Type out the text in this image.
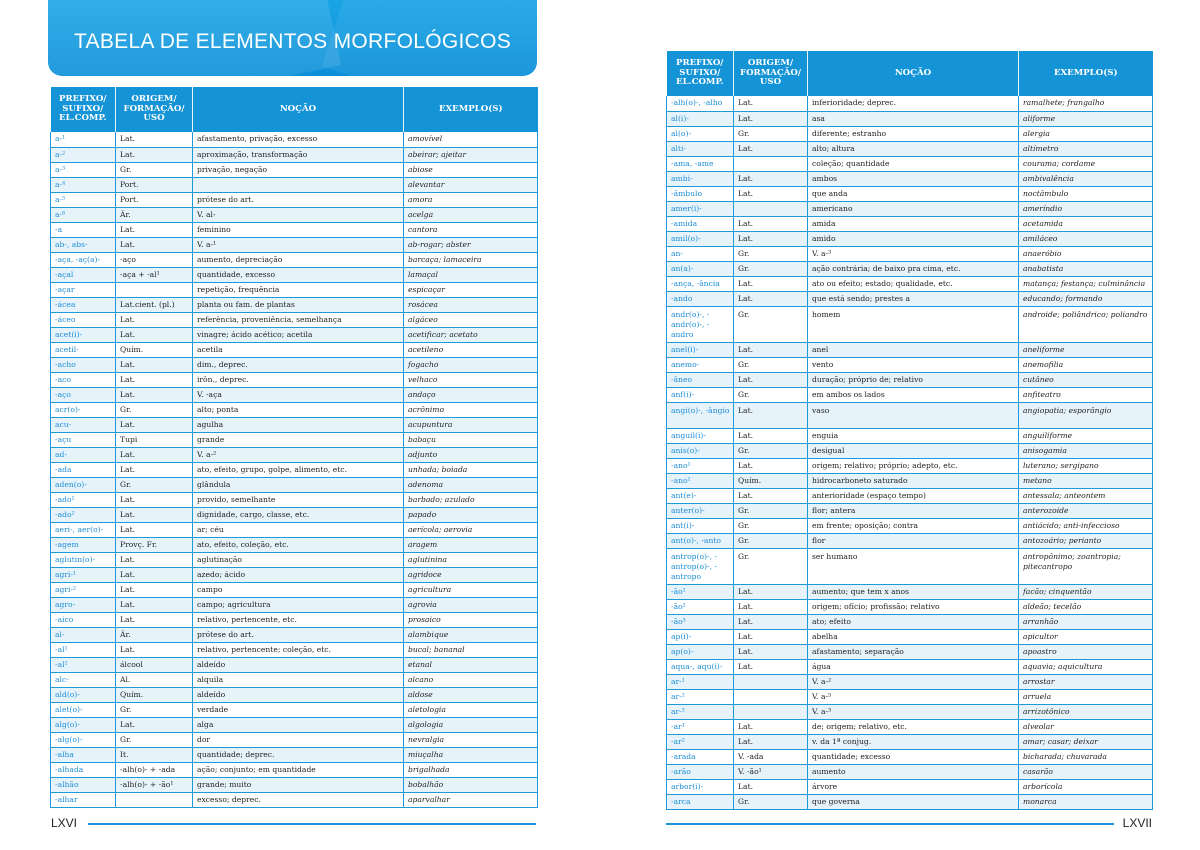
TABELA DE ELEMENTOS MORFOLÓGICOS
PREFIXO/ SUFIXO/ EL.COMP.	ORIGEM/ FORMAÇÃO/ USO	NOÇÃO	EXEMPLO(S)
a-¹	Lat.	afastamento, privação, excesso	amovível
a-²	Lat.	aproximação, transformação	abeirar; ajeitar
a-³	Gr.	privação, negação	abiose
a-⁴	Port.		alevantar
a-⁵	Port.	prótese do art.	amora
a-⁶	Ár.	V. al-	acelga
-a	Lat.	feminino	cantora
ab-, abs-	Lat.	V. a-¹	ab-rogar; abster
-aça, -aç(a)-	-aço	aumento, depreciação	barcaça; lamaceira
-açal	-aça + -al¹	quantidade, excesso	lamaçal
-açar		repetição, frequência	espicaçar
-ácea	Lat.cient. (pl.)	planta ou fam. de plantas	rosácea
-áceo	Lat.	referência, proveniência, semelhança	algáceo
acet(i)-	Lat.	vinagre; ácido acético; acetila	acetificar; acetato
acetil-	Quím.	acetila	acetileno
-acho	Lat.	dim., deprec.	fogacho
-aco	Lat.	irôn., deprec.	velhaco
-aço	Lat.	V. -aça	andaço
acr(o)-	Gr.	alto; ponta	acrônimo
acu-	Lat.	agulha	acupuntura
-açu	Tupi	grande	babaçu
ad-	Lat.	V. a-²	adjunto
-ada	Lat.	ato, efeito, grupo, golpe, alimento, etc.	unhada; boiada
aden(o)-	Gr.	glândula	adenoma
-ado¹	Lat.	provido, semelhante	barbado; azulado
-ado²	Lat.	dignidade, cargo, classe, etc.	papado
aeri-, aer(o)-	Lat.	ar; céu	aerícola; aerovia
-agem	Provç. Fr.	ato, efeito, coleção, etc.	aragem
aglutin(o)-	Lat.	aglutinação	aglutinina
agri-¹	Lat.	azedo; ácido	agridoce
agri-²	Lat.	campo	agricultura
agro-	Lat.	campo; agricultura	agrovia
-aico	Lat.	relativo, pertencente, etc.	prosaico
al-	Ár.	prótese do art.	alambique
-al¹	Lat.	relativo, pertencente; coleção, etc.	bucal; bananal
-al²	álcool	aldeído	etanal
alc-	Al.	alquila	alcano
ald(o)-	Quím.	aldeído	aldose
alet(o)-	Gr.	verdade	aletologia
alg(o)-	Lat.	alga	algologia
-alg(o)-	Gr.	dor	nevralgia
-alha	It.	quantidade; deprec.	miuçalha
-alhada	-alh(o)- + -ada	ação; conjunto; em quantidade	brigalhada
-alhão	-alh(o)- + -ão¹	grande; muito	bobalhão
-alhar		excesso; deprec.	aparvalhar
LXVI
PREFIXO/ SUFIXO/ EL.COMP.	ORIGEM/ FORMAÇÃO/ USO	NOÇÃO	EXEMPLO(S)
-alh(o)-, -alho	Lat.	inferioridade; deprec.	ramalhete; frangalho
al(i)-	Lat.	asa	aliforme
al(o)-	Gr.	diferente; estranho	alergia
alti-	Lat.	alto; altura	altímetro
-ama, -ame		coleção; quantidade	courama; cordame
ambi-	Lat.	ambos	ambivalência
-âmbulo	Lat.	que anda	noctâmbulo
amer(i)-		americano	ameríndio
-amida	Lat.	amida	acetamida
amil(o)-	Lat.	amido	amiláceo
an-	Gr.	V. a-³	anaeróbio
an(a)-	Gr.	ação contrária; de baixo pra cima, etc.	anabatista
-ança, -ância	Lat.	ato ou efeito; estado; qualidade, etc.	matança; festança; culminância
-ando	Lat.	que está sendo; prestes a	educando; formando
andr(o)-, -andr(o)-, -andro	Gr.	homem	androide; poliândrico; poliandro
anel(i)-	Lat.	anel	aneliforme
anemo-	Gr.	vento	anemofilia
-âneo	Lat.	duração; próprio de; relativo	cutâneo
anf(i)-	Gr.	em ambos os lados	anfiteatro
angi(o)-, -ângio	Lat.	vaso	angiopatia; esporângio
anguil(i)-	Lat.	enguia	anguiliforme
anis(o)-	Gr.	desigual	anisogamia
-ano¹	Lat.	origem; relativo; próprio; adepto, etc.	luterano; sergipano
-ano²	Quím.	hidrocarboneto saturado	metano
ant(e)-	Lat.	anterioridade (espaço tempo)	antessala; anteontem
anter(o)-	Gr.	flor; antera	anterozoide
ant(i)-	Gr.	em frente; oposição; contra	antiácido; anti-infeccioso
ant(o)-, -anto	Gr.	flor	antozoário; perianto
antrop(o)-, -antrop(o)-, -antropo	Gr.	ser humano	antropônimo; zoantropia; pitecantropo
-ão¹	Lat.	aumento; que tem x anos	facão; cinquentão
-ão²	Lat.	origem; ofício; profissão; relativo	aldeão; tecelão
-ão³	Lat.	ato; efeito	arranhão
ap(i)-	Lat.	abelha	apicultor
ap(o)-	Lat.	afastamento; separação	apoastro
aqua-, aqu(i)-	Lat.	água	aquavia; aquicultura
ar-¹		V. a-²	arrostar
ar-²		V. a-⁵	arruela
ar-³		V. a-³	arrizotônico
-ar¹	Lat.	de; origem; relativo, etc.	alveolar
-ar²	Lat.	v. da 1ª conjug.	amar; casar; deixar
-arada	V. -ada	quantidade; excesso	bicharada; chuvarada
-arão	V. -ão¹	aumento	casarão
arbor(i)-	Lat.	árvore	arborícola
-arca	Gr.	que governa	monarca
LXVII
